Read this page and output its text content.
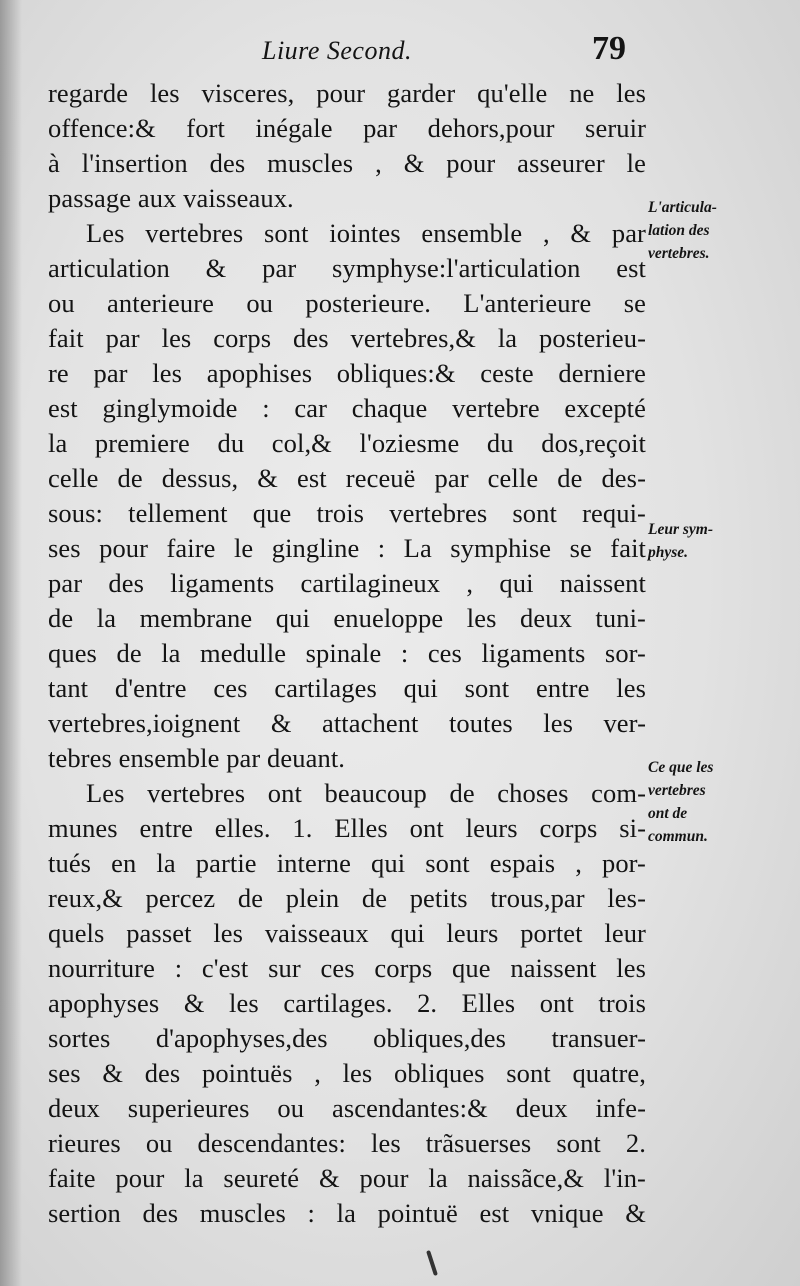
Liure Second.	79
regarde les visceres, pour garder qu'elle ne les
offence:& fort inégale par dehors,pour seruir
à l'insertion des muscles , & pour asseurer le
passage aux vaisseaux.
Les vertebres sont iointes ensemble , & par
articulation & par symphyse:l'articulation est
ou anterieure ou posterieure. L'anterieure se
fait par les corps des vertebres,& la posterieu-
re par les apophises obliques:& ceste derniere
est ginglymoide : car chaque vertebre excepté
la premiere du col,& l'oziesme du dos,reçoit
celle de dessus, & est receuë par celle de des-
sous: tellement que trois vertebres sont requi-
ses pour faire le gingline : La symphise se fait
par des ligaments cartilagineux , qui naissent
de la membrane qui enueloppe les deux tuni-
ques de la medulle spinale : ces ligaments sor-
tant d'entre ces cartilages qui sont entre les
vertebres,ioignent & attachent toutes les ver-
tebres ensemble par deuant.
Les vertebres ont beaucoup de choses com-
munes entre elles. 1. Elles ont leurs corps si-
tués en la partie interne qui sont espais , por-
reux,& percez de plein de petits trous,par les-
quels passet les vaisseaux qui leurs portet leur
nourriture : c'est sur ces corps que naissent les
apophyses & les cartilages. 2. Elles ont trois
sortes d'apophyses,des obliques,des transuer-
ses & des pointuës , les obliques sont quatre,
deux superieures ou ascendantes:& deux infe-
rieures ou descendantes: les trãsuerses sont 2.
faite pour la seureté & pour la naissãce,& l'in-
sertion des muscles : la pointuë est vnique &
L'articula-
lation des
vertebres.
Leur sym-
physe.
Ce que les
vertebres
ont de
commun.
